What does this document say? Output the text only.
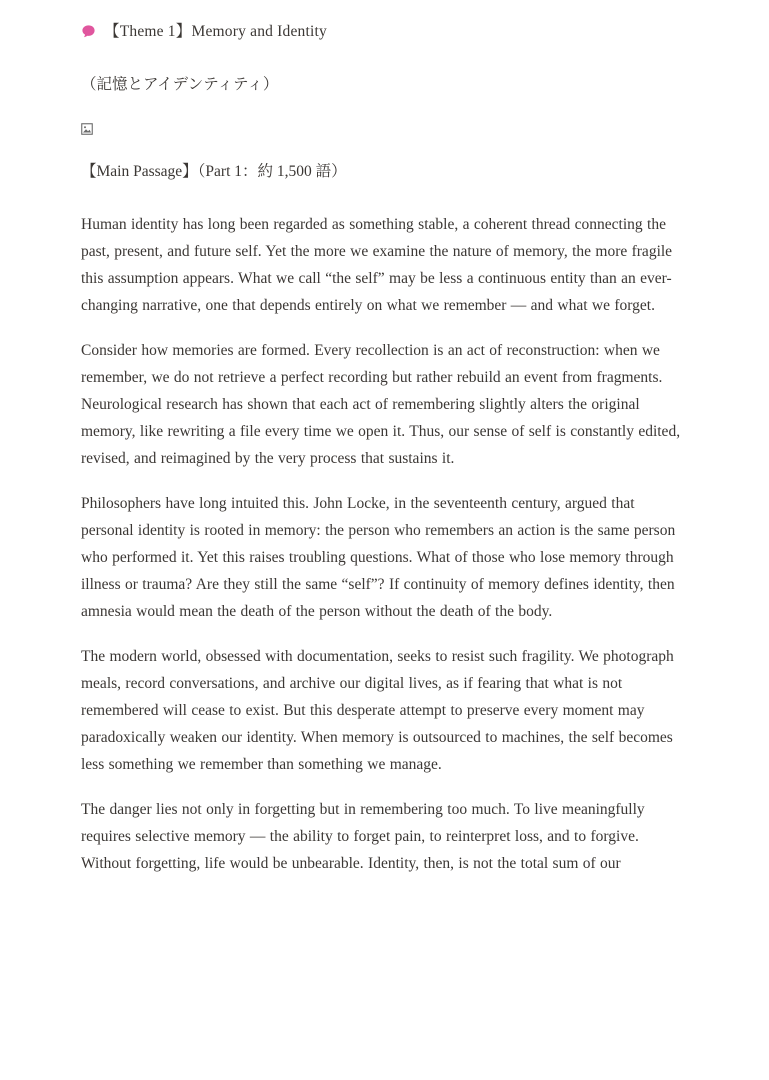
【Theme 1】Memory and Identity

（記憶とアイデンティティ）

【Main Passage】（Part 1：約 1,500 語）

Human identity has long been regarded as something stable, a coherent thread connecting the past, present, and future self. Yet the more we examine the nature of memory, the more fragile this assumption appears. What we call “the self” may be less a continuous entity than an ever-changing narrative, one that depends entirely on what we remember — and what we forget.

Consider how memories are formed. Every recollection is an act of reconstruction: when we remember, we do not retrieve a perfect recording but rather rebuild an event from fragments. Neurological research has shown that each act of remembering slightly alters the original memory, like rewriting a file every time we open it. Thus, our sense of self is constantly edited, revised, and reimagined by the very process that sustains it.

Philosophers have long intuited this. John Locke, in the seventeenth century, argued that personal identity is rooted in memory: the person who remembers an action is the same person who performed it. Yet this raises troubling questions. What of those who lose memory through illness or trauma? Are they still the same “self”? If continuity of memory defines identity, then amnesia would mean the death of the person without the death of the body.

The modern world, obsessed with documentation, seeks to resist such fragility. We photograph meals, record conversations, and archive our digital lives, as if fearing that what is not remembered will cease to exist. But this desperate attempt to preserve every moment may paradoxically weaken our identity. When memory is outsourced to machines, the self becomes less something we remember than something we manage.

The danger lies not only in forgetting but in remembering too much. To live meaningfully requires selective memory — the ability to forget pain, to reinterpret loss, and to forgive. Without forgetting, life would be unbearable. Identity, then, is not the total sum of our
